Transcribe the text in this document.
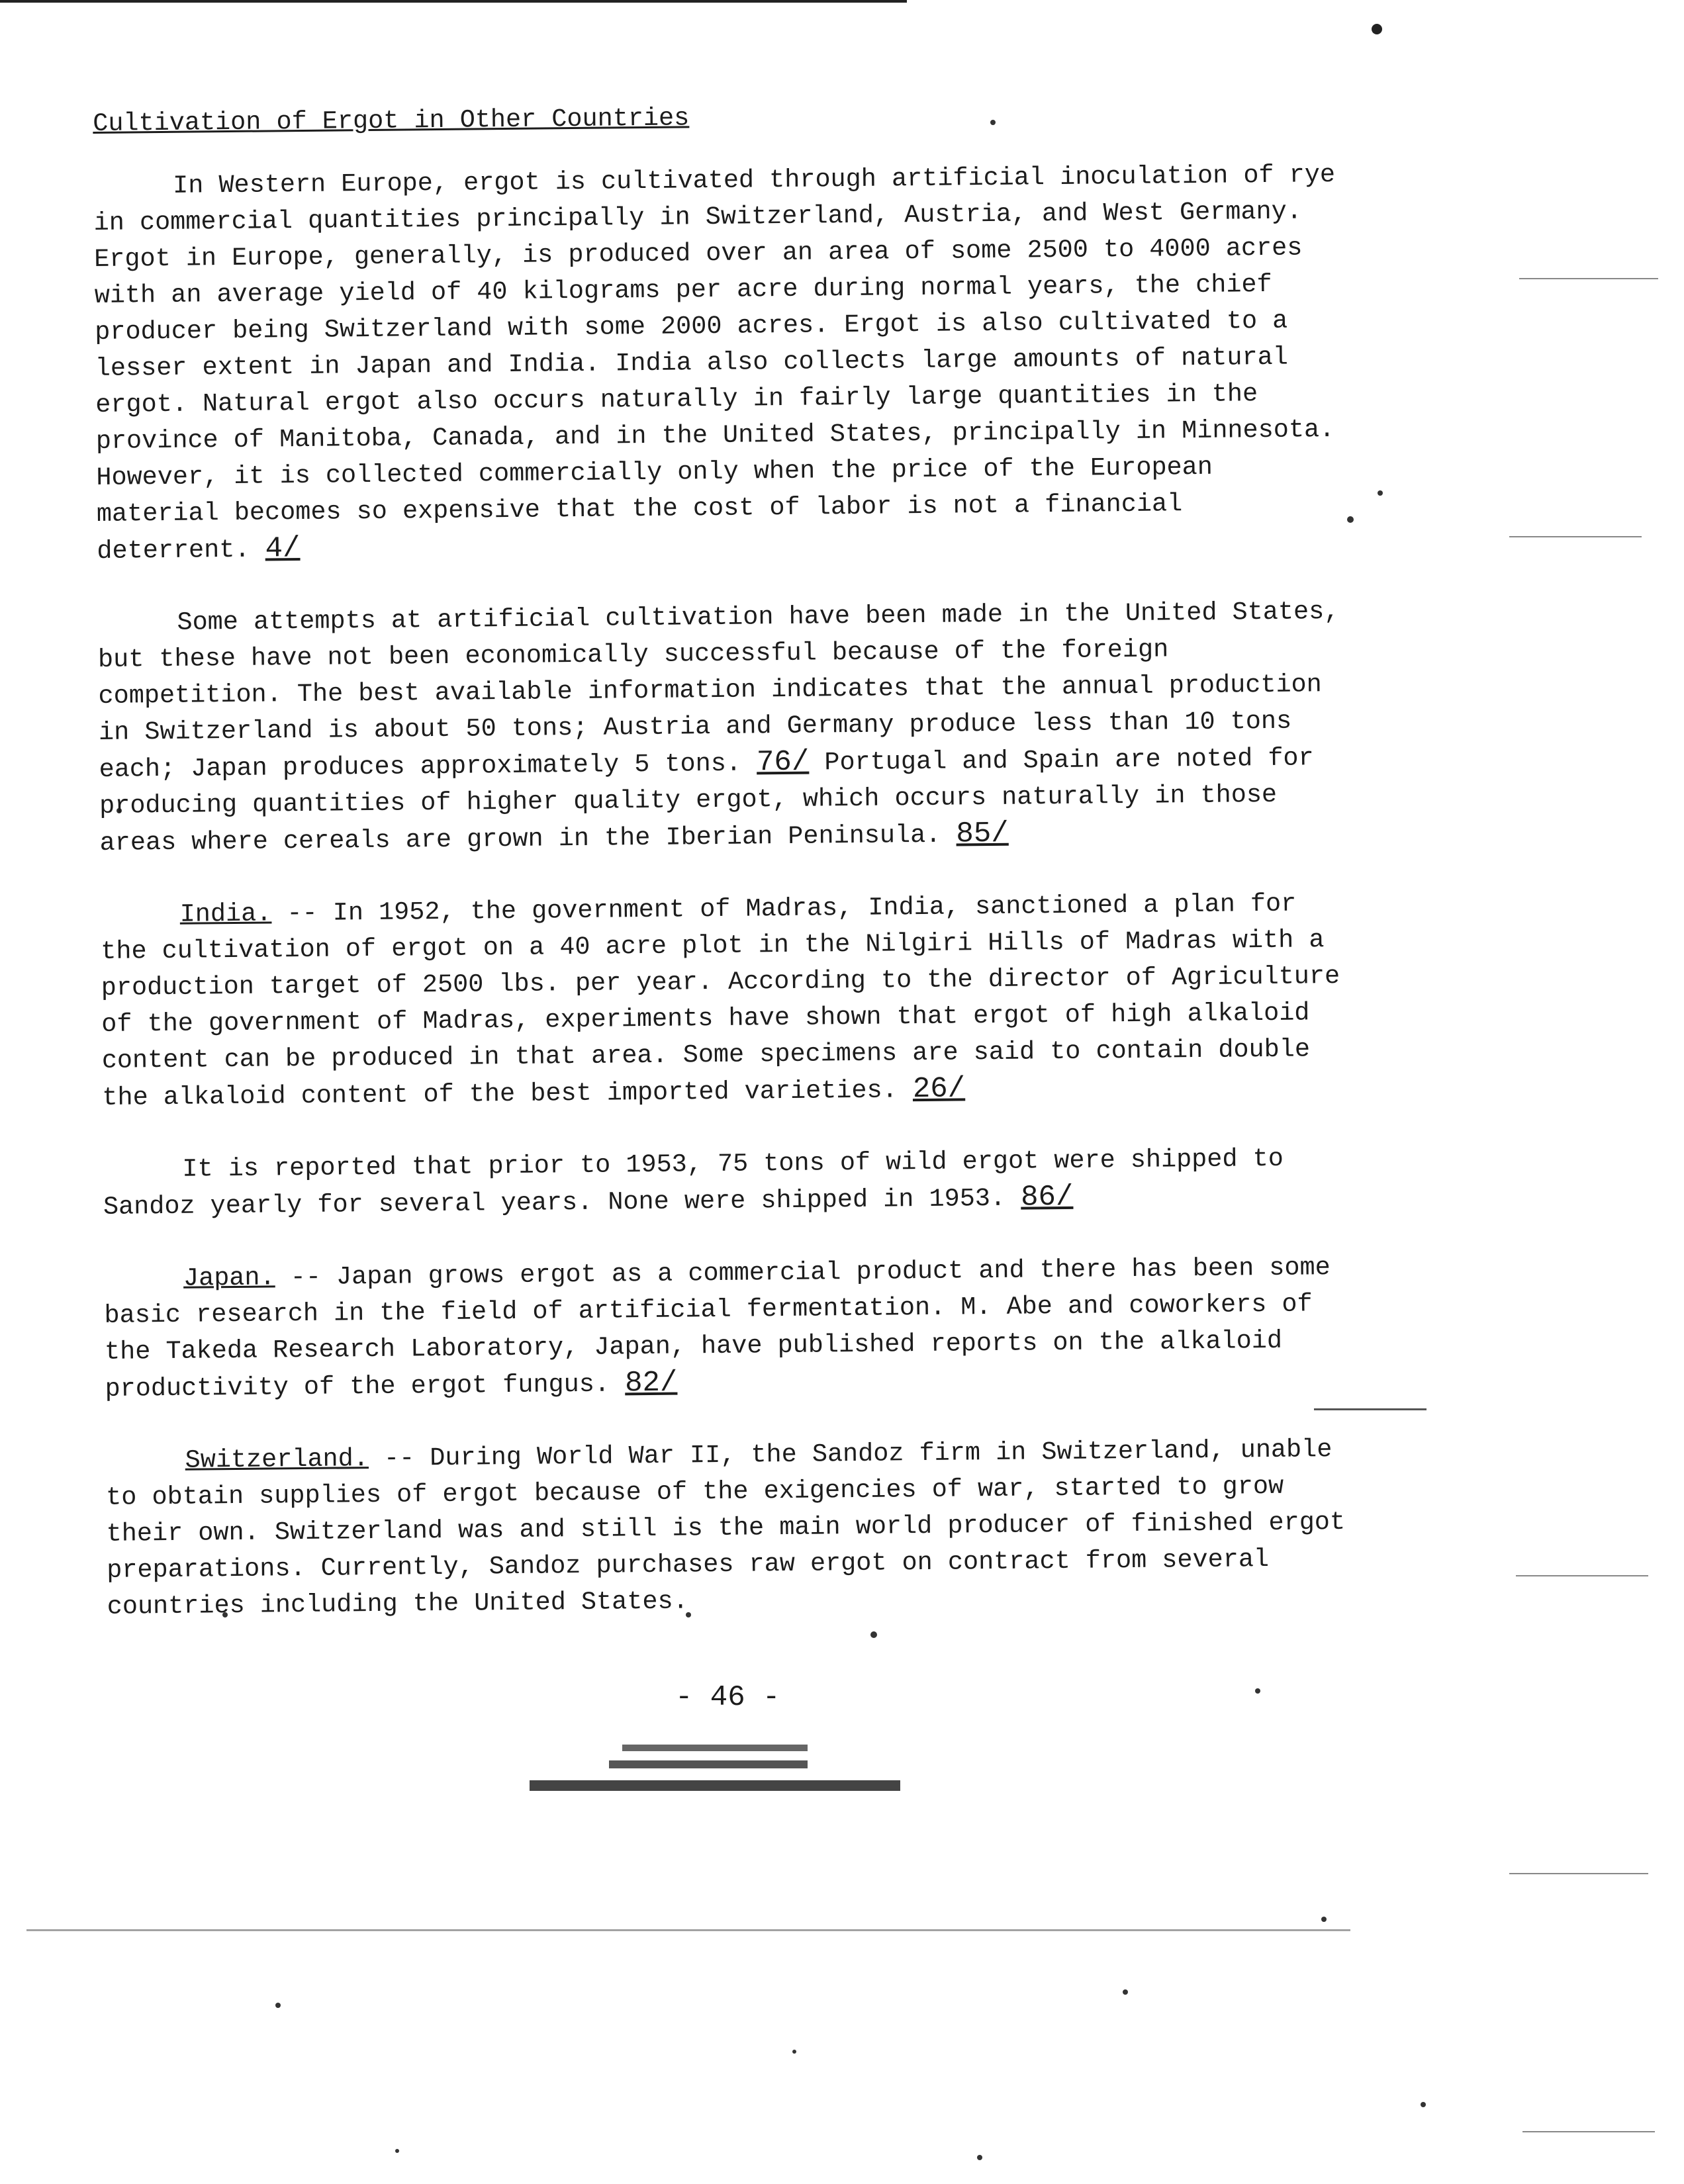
Cultivation of Ergot in Other Countries

In Western Europe, ergot is cultivated through artificial inoculation of rye in commercial quantities principally in Switzerland, Austria, and West Germany. Ergot in Europe, generally, is produced over an area of some 2500 to 4000 acres with an average yield of 40 kilograms per acre during normal years, the chief producer being Switzerland with some 2000 acres. Ergot is also cultivated to a lesser extent in Japan and India. India also collects large amounts of natural ergot. Natural ergot also occurs naturally in fairly large quantities in the province of Manitoba, Canada, and in the United States, principally in Minnesota. However, it is collected commercially only when the price of the European material becomes so expensive that the cost of labor is not a financial deterrent. 4/

Some attempts at artificial cultivation have been made in the United States, but these have not been economically successful because of the foreign competition. The best available information indicates that the annual production in Switzerland is about 50 tons; Austria and Germany produce less than 10 tons each; Japan produces approximately 5 tons. 76/ Portugal and Spain are noted for producing quantities of higher quality ergot, which occurs naturally in those areas where cereals are grown in the Iberian Peninsula. 85/

India. -- In 1952, the government of Madras, India, sanctioned a plan for the cultivation of ergot on a 40 acre plot in the Nilgiri Hills of Madras with a production target of 2500 lbs. per year. According to the director of Agriculture of the government of Madras, experiments have shown that ergot of high alkaloid content can be produced in that area. Some specimens are said to contain double the alkaloid content of the best imported varieties. 26/

It is reported that prior to 1953, 75 tons of wild ergot were shipped to Sandoz yearly for several years. None were shipped in 1953. 86/

Japan. -- Japan grows ergot as a commercial product and there has been some basic research in the field of artificial fermentation. M. Abe and coworkers of the Takeda Research Laboratory, Japan, have published reports on the alkaloid productivity of the ergot fungus. 82/

Switzerland. -- During World War II, the Sandoz firm in Switzerland, unable to obtain supplies of ergot because of the exigencies of war, started to grow their own. Switzerland was and still is the main world producer of finished ergot preparations. Currently, Sandoz purchases raw ergot on contract from several countries including the United States.

- 46 -
